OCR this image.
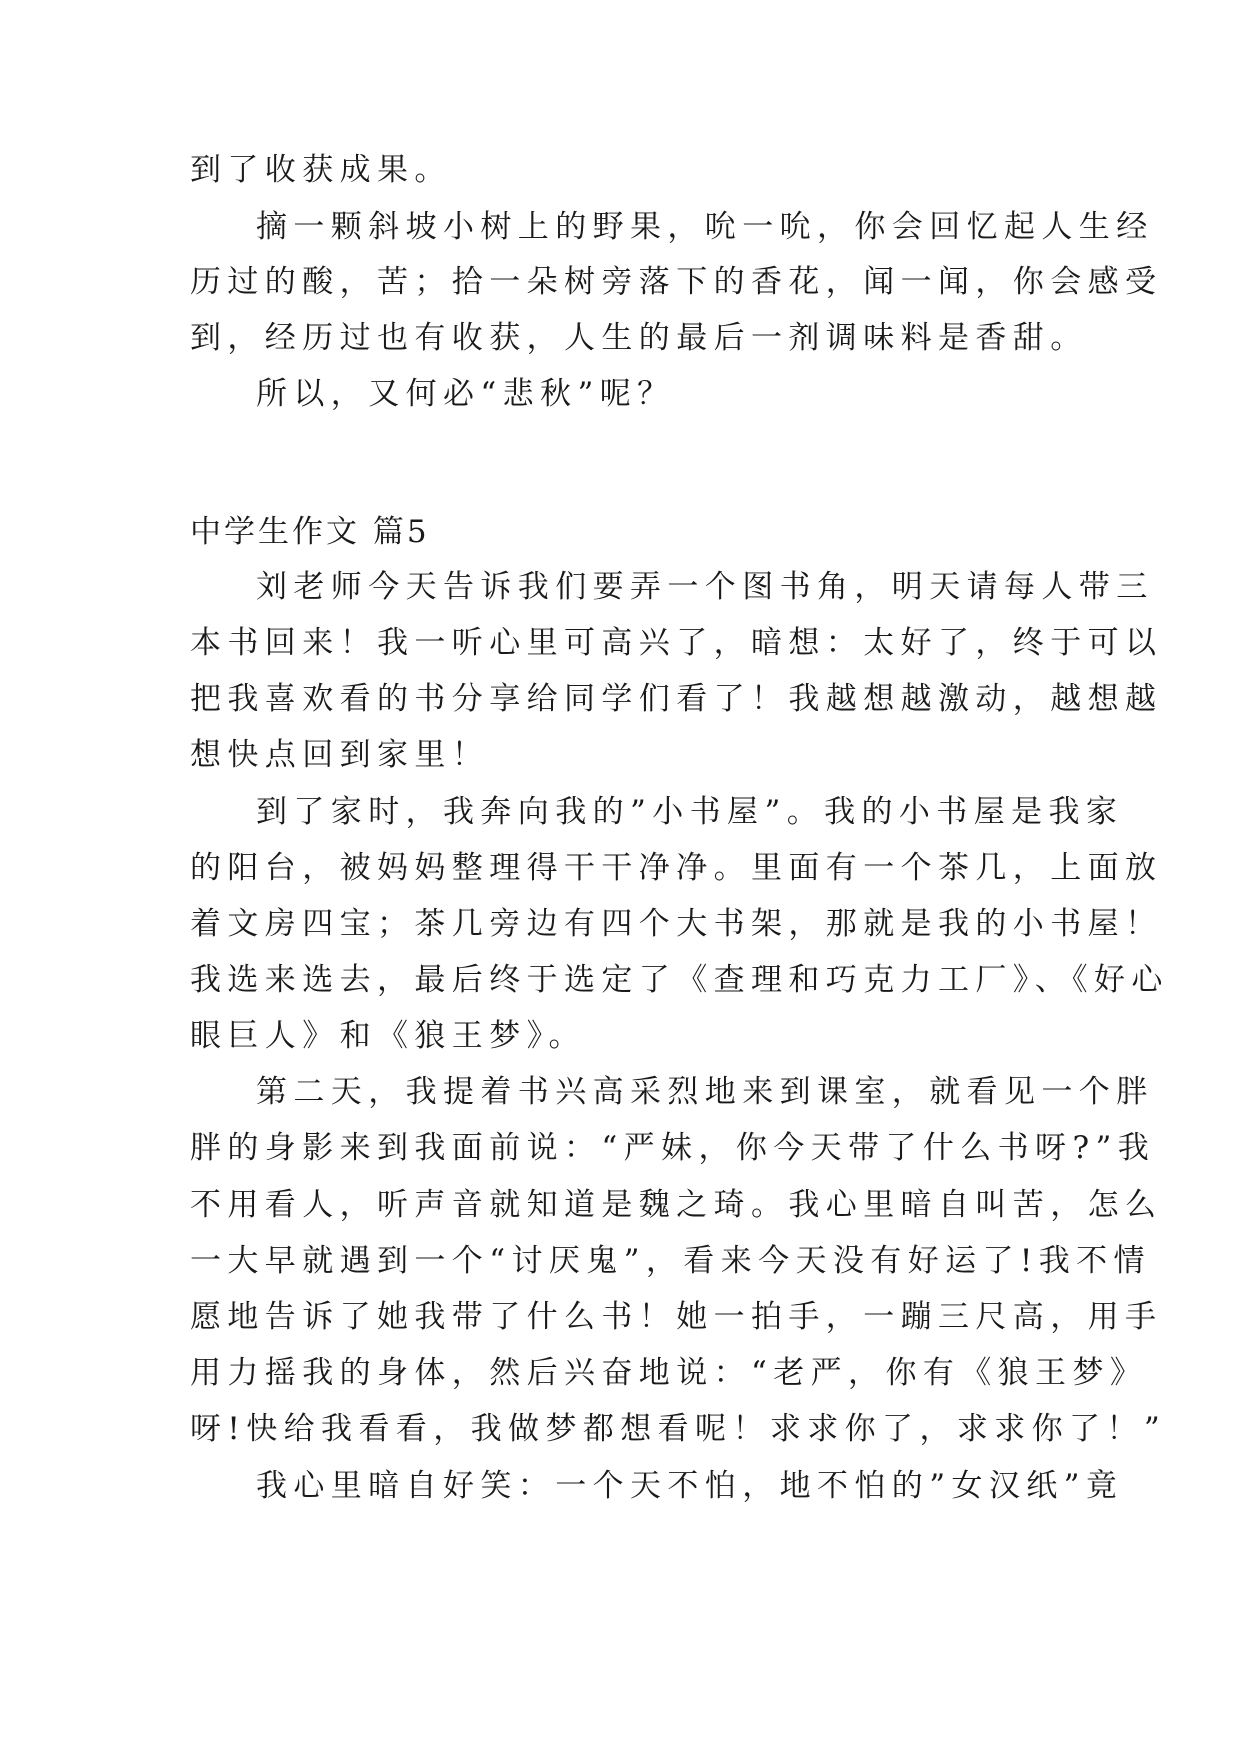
到了收获成果。
摘一颗斜坡小树上的野果，吮一吮，你会回忆起人生经
历过的酸，苦；拾一朵树旁落下的香花，闻一闻，你会感受
到，经历过也有收获，人生的最后一剂调味料是香甜。
所以，又何必“悲秋”呢？
中学生作文 篇5
刘老师今天告诉我们要弄一个图书角，明天请每人带三
本书回来！我一听心里可高兴了，暗想：太好了，终于可以
把我喜欢看的书分享给同学们看了！我越想越激动，越想越
想快点回到家里！
到了家时，我奔向我的”小书屋”。我的小书屋是我家
的阳台，被妈妈整理得干干净净。里面有一个茶几，上面放
着文房四宝；茶几旁边有四个大书架，那就是我的小书屋！
我选来选去，最后终于选定了《查理和巧克力工厂》、《好心
眼巨人》和《狼王梦》。
第二天，我提着书兴高采烈地来到课室，就看见一个胖
胖的身影来到我面前说：“严妹，你今天带了什么书呀?”我
不用看人，听声音就知道是魏之琦。我心里暗自叫苦，怎么
一大早就遇到一个“讨厌鬼”，看来今天没有好运了!我不情
愿地告诉了她我带了什么书！她一拍手，一蹦三尺高，用手
用力摇我的身体，然后兴奋地说：“老严，你有《狼王梦》
呀!快给我看看，我做梦都想看呢！求求你了，求求你了！”
我心里暗自好笑：一个天不怕，地不怕的”女汉纸”竟
